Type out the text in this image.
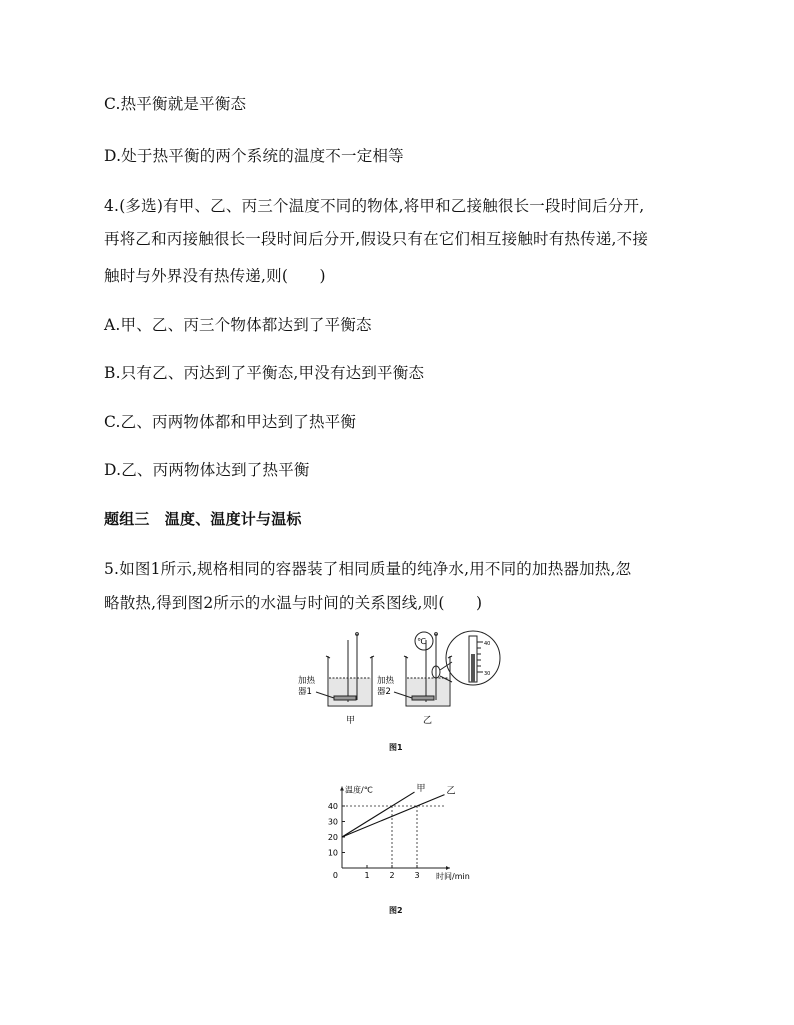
C.热平衡就是平衡态
D.处于热平衡的两个系统的温度不一定相等
4.(多选)有甲、乙、丙三个温度不同的物体,将甲和乙接触很长一段时间后分开,
再将乙和丙接触很长一段时间后分开,假设只有在它们相互接触时有热传递,不接
触时与外界没有热传递,则(　　)
A.甲、乙、丙三个物体都达到了平衡态
B.只有乙、丙达到了平衡态,甲没有达到平衡态
C.乙、丙两物体都和甲达到了热平衡
D.乙、丙两物体达到了热平衡
题组三　温度、温度计与温标
5.如图1所示,规格相同的容器装了相同质量的纯净水,用不同的加热器加热,忽
略散热,得到图2所示的水温与时间的关系图线,则(　　)
℃	40
30
加热
器1
加热
器2
甲	乙
图1
10
20
30
40
1 2 3
0
甲 乙
温度/℃
时间/min
图2
